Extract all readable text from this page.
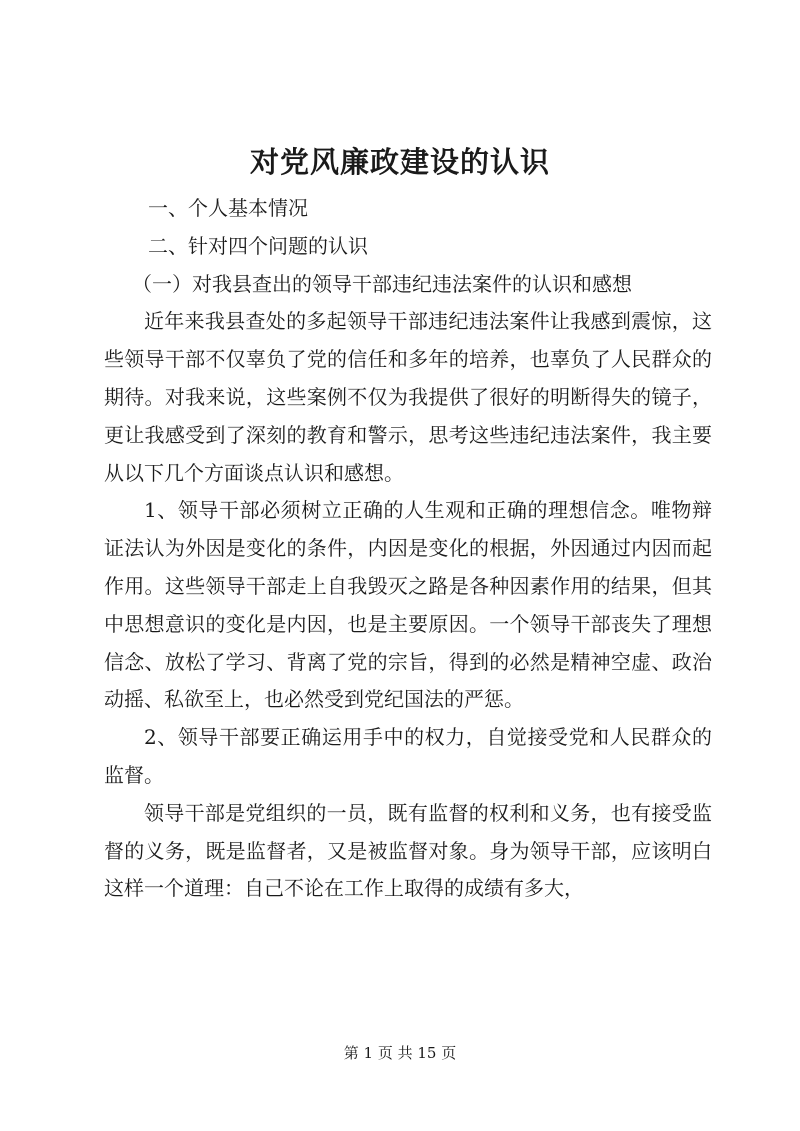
对党风廉政建设的认识

一、个人基本情况

二、针对四个问题的认识

（一）对我县查出的领导干部违纪违法案件的认识和感想

近年来我县查处的多起领导干部违纪违法案件让我感到震惊，这些领导干部不仅辜负了党的信任和多年的培养，也辜负了人民群众的期待。对我来说，这些案例不仅为我提供了很好的明断得失的镜子，更让我感受到了深刻的教育和警示，思考这些违纪违法案件，我主要从以下几个方面谈点认识和感想。

1、领导干部必须树立正确的人生观和正确的理想信念。唯物辩证法认为外因是变化的条件，内因是变化的根据，外因通过内因而起作用。这些领导干部走上自我毁灭之路是各种因素作用的结果，但其中思想意识的变化是内因，也是主要原因。一个领导干部丧失了理想信念、放松了学习、背离了党的宗旨，得到的必然是精神空虚、政治动摇、私欲至上，也必然受到党纪国法的严惩。

2、领导干部要正确运用手中的权力，自觉接受党和人民群众的监督。

领导干部是党组织的一员，既有监督的权利和义务，也有接受监督的义务，既是监督者，又是被监督对象。身为领导干部，应该明白这样一个道理：自己不论在工作上取得的成绩有多大，

第 1 页 共 15 页
